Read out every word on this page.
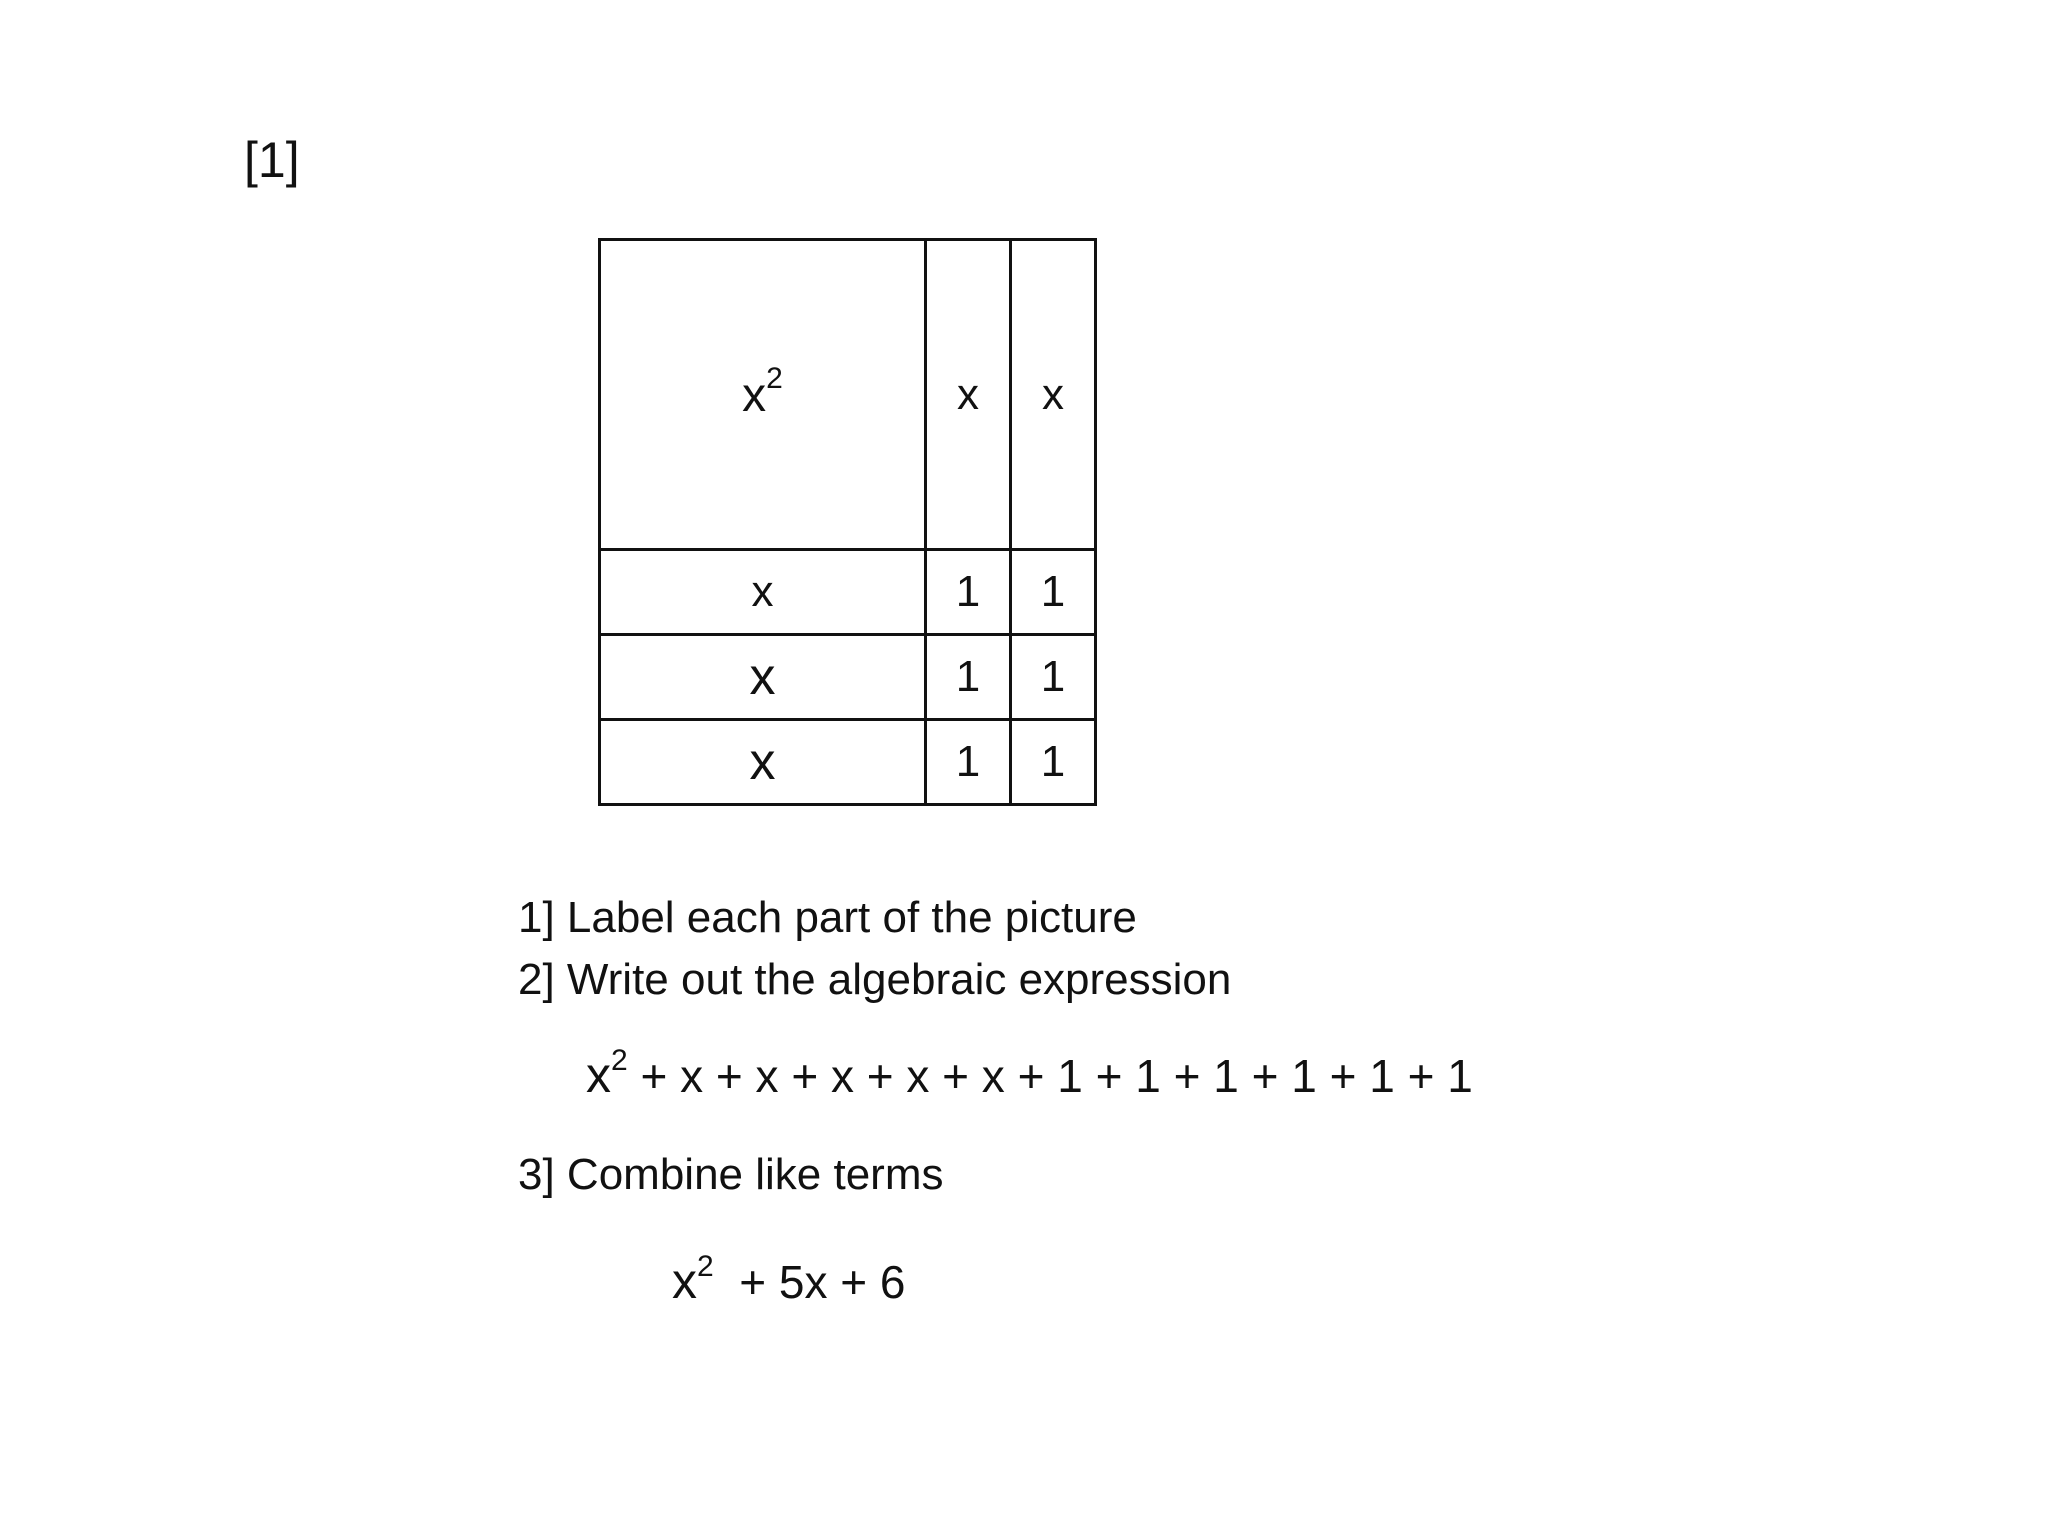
[1]
$x^2$	x x
x
x
x
1 1
1 1
1 1
1] Label each part of the picture
2] Write out the algebraic expression
$x^2 + x + x + x + x + x + 1 + 1 + 1 + 1 + 1 + 1$
3] Combine like terms
$x^2 + 5x + 6$
